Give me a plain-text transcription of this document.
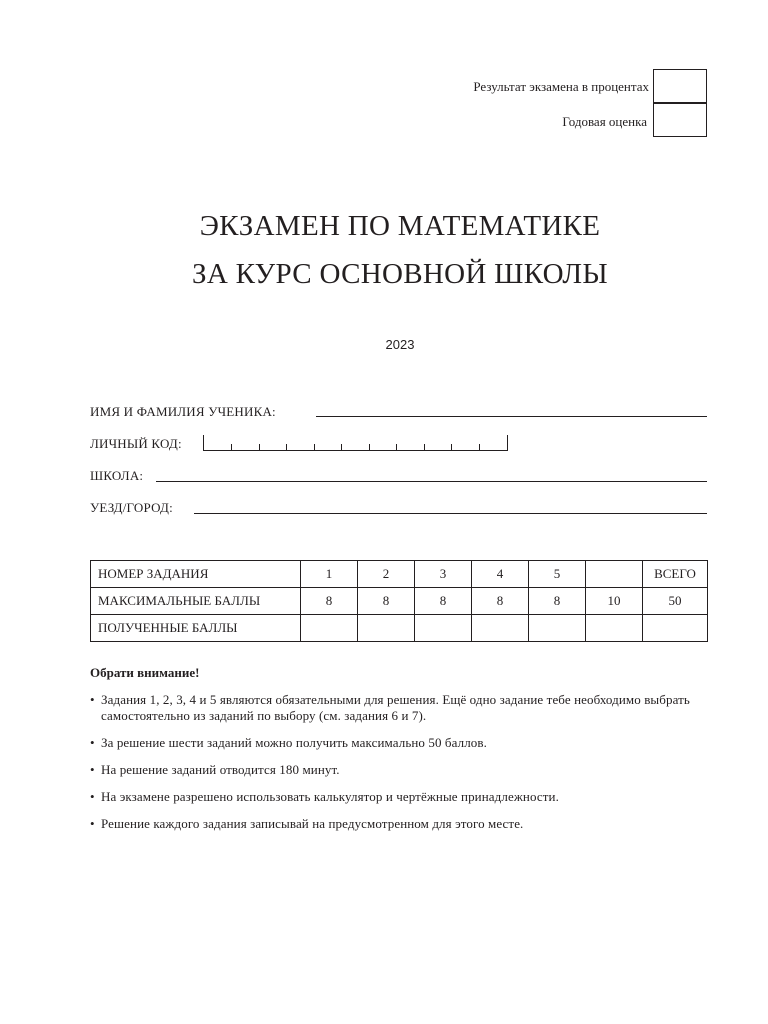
Результат экзамена в процентах
Годовая оценка
ЭКЗАМЕН ПО МАТЕМАТИКЕ
ЗА КУРС ОСНОВНОЙ ШКОЛЫ
2023
ИМЯ И ФАМИЛИЯ УЧЕНИКА:
ЛИЧНЫЙ КОД:
ШКОЛА:
УЕЗД/ГОРОД:
НОМЕР ЗАДАНИЯ	1	2	3	4	5		ВСЕГО
МАКСИМАЛЬНЫЕ БАЛЛЫ	8	8	8	8	8	10	50
ПОЛУЧЕННЫЕ БАЛЛЫ							
Обрати внимание!
• Задания 1, 2, 3, 4 и 5 являются обязательными для решения. Ещё одно задание тебе необходимо выбрать самостоятельно из заданий по выбору (см. задания 6 и 7).
• За решение шести заданий можно получить максимально 50 баллов.
• На решение заданий отводится 180 минут.
• На экзамене разрешено использовать калькулятор и чертёжные принадлежности.
• Решение каждого задания записывай на предусмотренном для этого месте.
